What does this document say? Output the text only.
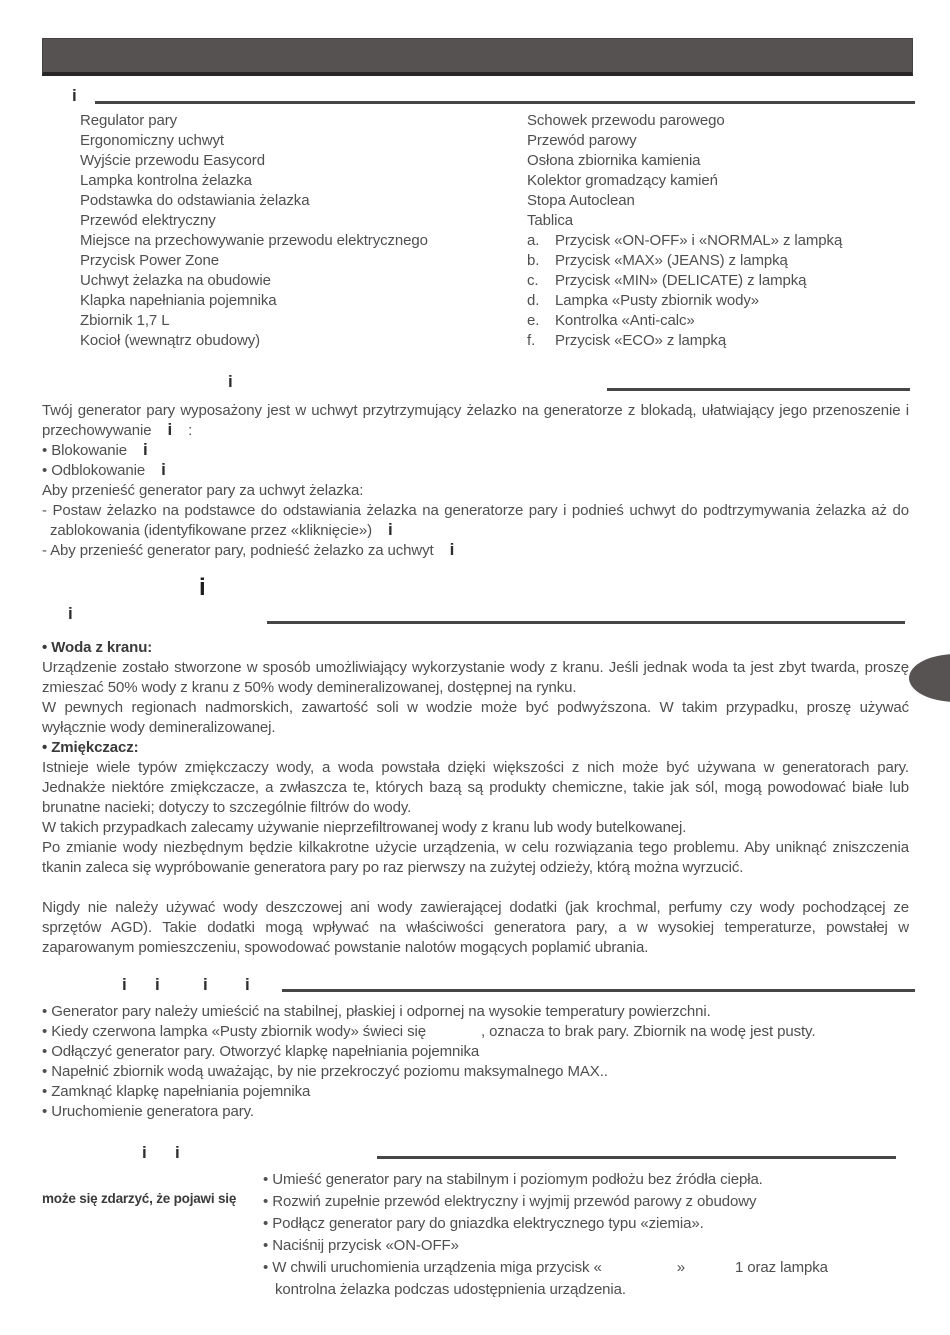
i
Regulator pary
Ergonomiczny uchwyt
Wyjście przewodu Easycord
Lampka kontrolna żelazka
Podstawka do odstawiania żelazka
Przewód elektryczny
Miejsce na przechowywanie przewodu elektrycznego
Przycisk Power Zone
Uchwyt żelazka na obudowie
Klapka napełniania pojemnika
Zbiornik 1,7 L
Kocioł (wewnątrz obudowy)
Schowek przewodu parowego
Przewód parowy
Osłona zbiornika kamienia
Kolektor gromadzący kamień
Stopa Autoclean
Tablica
a.	Przycisk «ON-OFF» i «NORMAL» z lampką
b.	Przycisk «MAX» (JEANS) z lampką
c.	Przycisk «MIN» (DELICATE) z lampką
d.	Lampka «Pusty zbiornik wody»
e.	Kontrolka «Anti-calc»
f.	Przycisk «ECO» z lampką
i

Twój generator pary wyposażony jest w uchwyt przytrzymujący żelazko na generatorze z blokadą, ułatwiający jego przenoszenie i przechowywanie i :

• Blokowanie i
• Odblokowanie i
Aby przenieść generator pary za uchwyt żelazka:

- Postaw żelazko na podstawce do odstawiania żelazka na generatorze pary i podnieś uchwyt do podtrzymywania żelazka aż do zablokowania (identyfikowane przez «kliknięcie») i

- Aby przenieść generator pary, podnieść żelazko za uchwyt i
i
i
• Woda z kranu:

Urządzenie zostało stworzone w sposób umożliwiający wykorzystanie wody z kranu. Jeśli jednak woda ta jest zbyt twarda, proszę zmieszać 50% wody z kranu z 50% wody demineralizowanej, dostępnej na rynku.

W pewnych regionach nadmorskich, zawartość soli w wodzie może być podwyższona. W takim przypadku, proszę używać wyłącznie wody demineralizowanej.

• Zmiękczacz:

Istnieje wiele typów zmiękczaczy wody, a woda powstała dzięki większości z nich może być używana w generatorach pary. Jednakże niektóre zmiękczacze, a zwłaszcza te, których bazą są produkty chemiczne, takie jak sól, mogą powodować białe lub brunatne nacieki; dotyczy to szczególnie filtrów do wody.

W takich przypadkach zalecamy używanie nieprzefiltrowanej wody z kranu lub wody butelkowanej.

Po zmianie wody niezbędnym będzie kilkakrotne użycie urządzenia, w celu rozwiązania tego problemu. Aby uniknąć zniszczenia tkanin zaleca się wypróbowanie generatora pary po raz pierwszy na zużytej odzieży, którą można wyrzucić.

Nigdy nie należy używać wody deszczowej ani wody zawierającej dodatki (jak krochmal, perfumy czy wody pochodzącej ze sprzętów AGD). Takie dodatki mogą wpływać na właściwości generatora pary, a w wysokiej temperaturze, powstałej w zaparowanym pomieszczeniu, spowodować powstanie nalotów mogących poplamić ubrania.

i i	i i
• Generator pary należy umieścić na stabilnej, płaskiej i odpornej na wysokie temperatury powierzchni.
• Kiedy czerwona lampka «Pusty zbiornik wody» świeci się	, oznacza to brak pary. Zbiornik na wodę jest pusty.
• Odłączyć generator pary. Otworzyć klapkę napełniania pojemnika
• Napełnić zbiornik wodą uważając, by nie przekroczyć poziomu maksymalnego MAX..
• Zamknąć klapkę napełniania pojemnika
• Uruchomienie generatora pary.
i i
może się zdarzyć, że pojawi się
• Umieść generator pary na stabilnym i poziomym podłożu bez źródła ciepła.
• Rozwiń zupełnie przewód elektryczny i wyjmij przewód parowy z obudowy
• Podłącz generator pary do gniazdka elektrycznego typu «ziemia».
• Naciśnij przycisk «ON-OFF»
• W chwili uruchomienia urządzenia miga przycisk «	»	1 oraz lampka
kontrolna żelazka podczas udostępnienia urządzenia.
